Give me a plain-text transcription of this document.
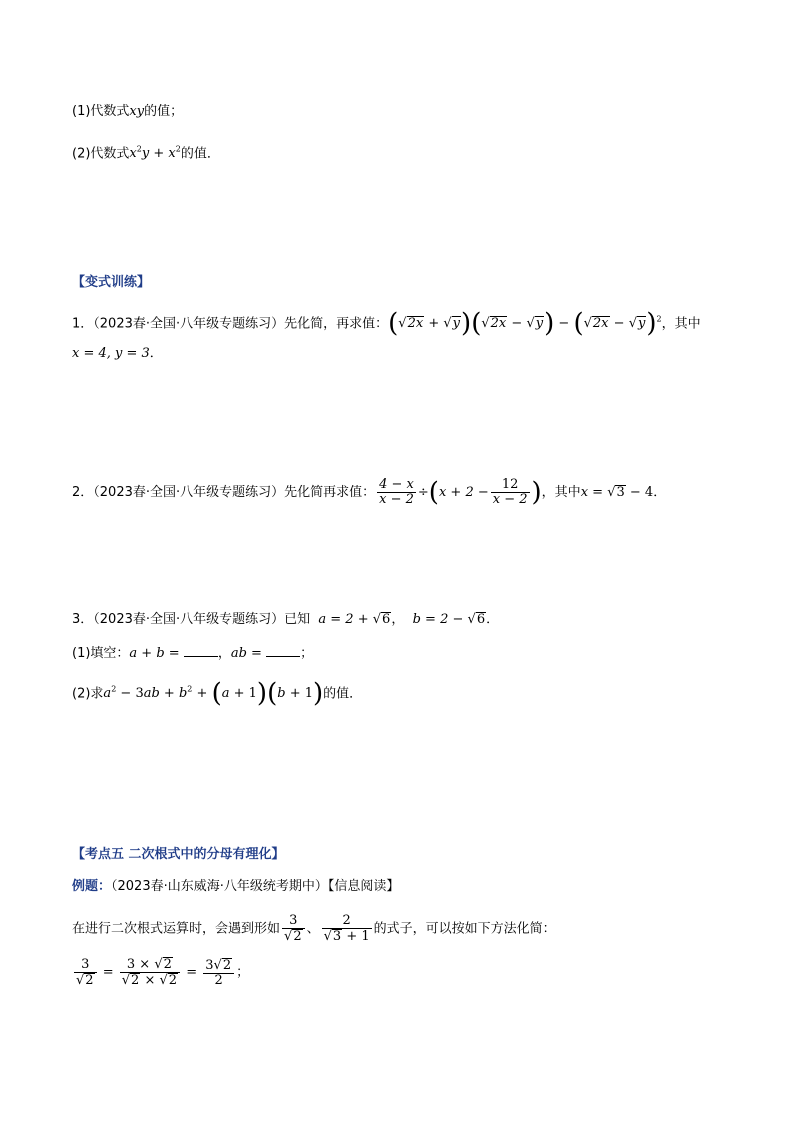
(1)代数式xy的值；
(2)代数式$x^2y + x^2$的值．
【变式训练】
1．（2023春·全国·八年级专题练习）先化简，再求值：$(√2x + √y)(√2x - √y) - (√2x - √y)^2$，其中
x = 4, y = 3．
2．（2023春·全国·八年级专题练习）先化简再求值： $\frac{4 - x}{x - 2} \div(x + 2 - \frac{12}{x - 2}$ )，其中x = √3 − 4．
3．（2023春·全国·八年级专题练习）已知 a = 2 + √6， b = 2 − √6．
(1)填空：a + b =	，ab =	；
(2)求$a^2 - 3ab + b^2 + (a + 1)(b + 1)$的值．
【考点五 二次根式中的分母有理化】
例题：（2023春·山东威海·八年级统考期中）【信息阅读】
在进行二次根式运算时，会遇到形如 $\frac{3}{√2}$ 、 $\frac{2}{√3 + 1}$ 的式子，可以按如下方法化简：
$\frac{3}{√2} = \frac{3 \times √2}{√2 \times √2} = \frac{3√2}{2}$ ；
